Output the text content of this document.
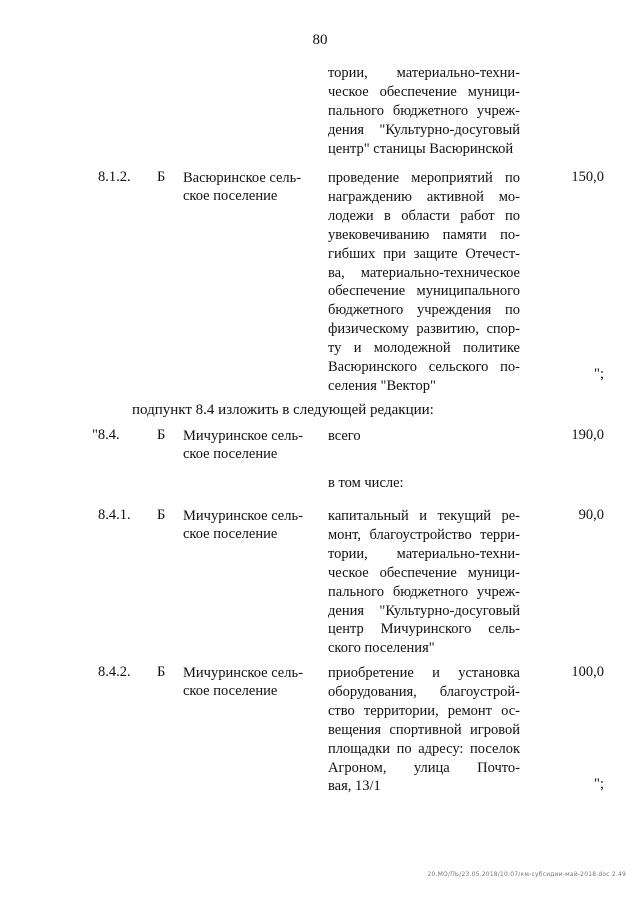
80
тории, материально-техни-
ческое обеспечение муници-
пального бюджетного учреж-
дения "Культурно-досуговый
центр" станицы Васюринской
8.1.2. Б Васюринское сель-
ское поселение
проведение мероприятий по
награждению активной мо-
лодежи в области работ по
увековечиванию памяти по-
гибших при защите Отечест-
ва, материально-техническое
обеспечение муниципального
бюджетного учреждения по
физическому развитию, спор-
ту и молодежной политике
Васюринского сельского по-
селения "Вектор"
150,0
";
подпункт 8.4 изложить в следующей редакции:
"8.4.	Б Мичуринское сель-
ское поселение
всего	190,0
в том числе:
8.4.1. Б Мичуринское сель-
ское поселение
капитальный и текущий ре-
монт, благоустройство терри-
тории, материально-техни-
ческое обеспечение муници-
пального бюджетного учреж-
дения "Культурно-досуговый
центр Мичуринского сель-
ского поселения"
90,0
8.4.2. Б Мичуринское сель-
ское поселение
приобретение и установка
оборудования, благоустрой-
ство территории, ремонт ос-
вещения спортивной игровой
площадки по адресу: поселок
Агроном, улица Почто-
вая, 13/1
100,0
";
20.МО/ПЬ/23.05.2018/10:07/км-субсидии-май-2018.doc 2.49
